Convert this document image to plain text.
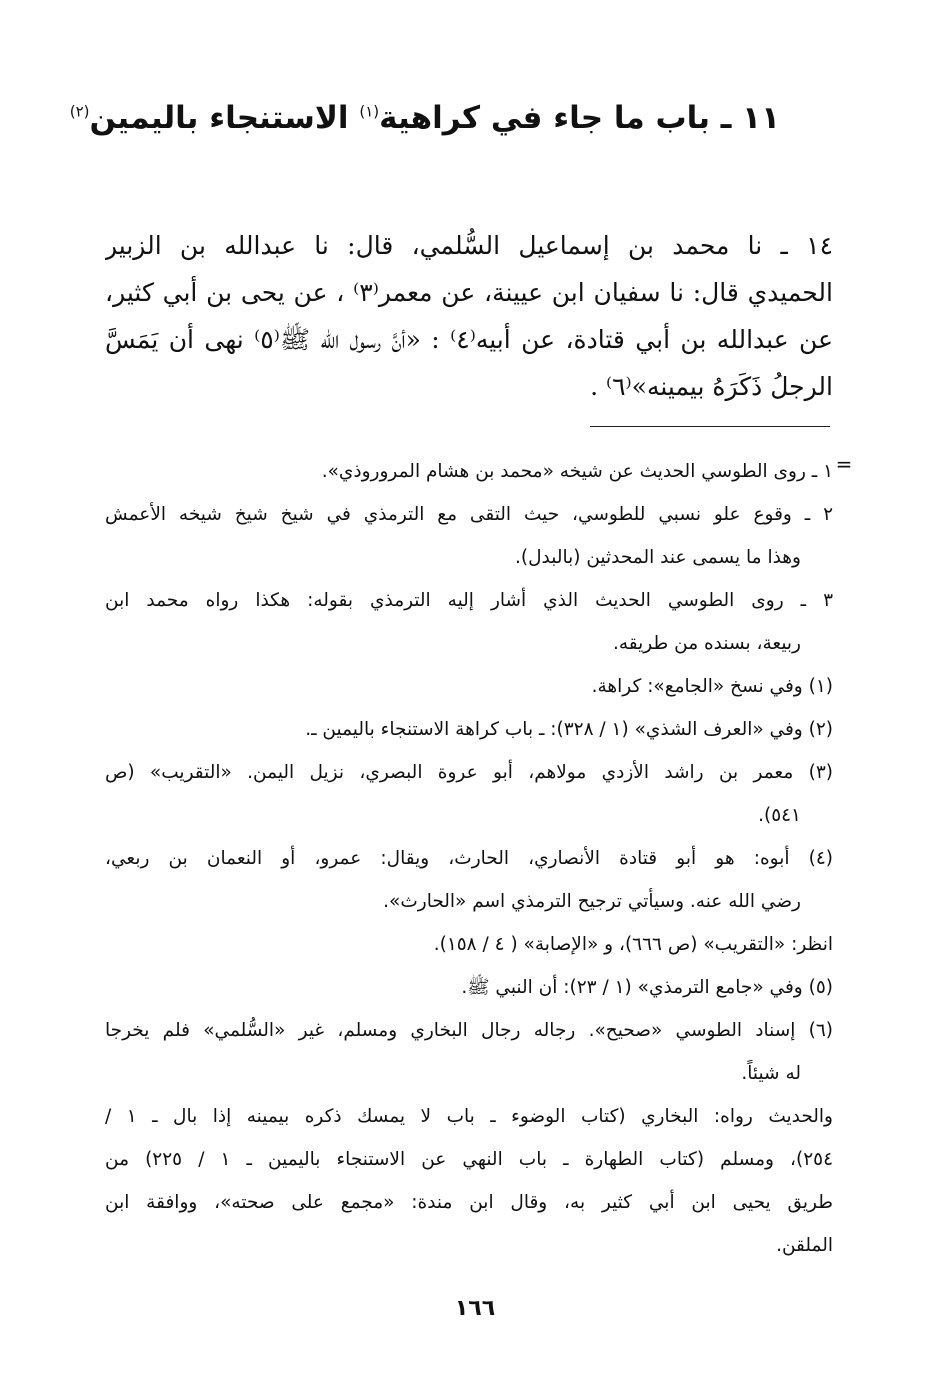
١١ ـ باب ما جاء في كراهية$^{(١)}$ الاستنجاء باليمين$^{(٢)}$
١٤ ـ نا محمد بن إسماعيل السُّلمي، قال: نا عبدالله بن الزبير
الحميدي قال: نا سفيان ابن عيينة، عن معمر⁽٣⁾ ، عن يحى بن أبي كثير،
عن عبدالله بن أبي قتادة، عن أبيه⁽٤⁾ : «أنَّ رسول الله ﷺ⁽٥⁾ نهى أن يَمَسَّ
الرجلُ ذَكَرَهُ بيمينه»⁽٦⁾ .
=
١ ـ روى الطوسي الحديث عن شيخه «محمد بن هشام المروروذي».
٢ ـ وقوع علو نسبي للطوسي، حيث التقى مع الترمذي في شيخ شيخ شيخه الأعمش
وهذا ما يسمى عند المحدثين (بالبدل).
٣ ـ روى الطوسي الحديث الذي أشار إليه الترمذي بقوله: هكذا رواه محمد ابن
ربيعة، بسنده من طريقه.
(١) وفي نسخ «الجامع»: كراهة.
(٢) وفي «العرف الشذي» (١ / ٣٢٨): ـ باب كراهة الاستنجاء باليمين ـ.
(٣) معمر بن راشد الأزدي مولاهم، أبو عروة البصري، نزيل اليمن. «التقريب» (ص
٥٤١).
(٤) أبوه: هو أبو قتادة الأنصاري، الحارث، ويقال: عمرو، أو النعمان بن ربعي،
رضي الله عنه. وسيأتي ترجيح الترمذي اسم «الحارث».
انظر: «التقريب» (ص ٦٦٦)، و «الإصابة» ( ٤ / ١٥٨).
(٥) وفي «جامع الترمذي» (١ / ٢٣): أن النبي ﷺ.
(٦) إسناد الطوسي «صحيح». رجاله رجال البخاري ومسلم، غير «السُّلمي» فلم يخرجا
له شيئاً.
والحديث رواه: البخاري (كتاب الوضوء ـ باب لا يمسك ذكره بيمينه إذا بال ـ ١ /
٢٥٤)، ومسلم (كتاب الطهارة ـ باب النهي عن الاستنجاء باليمين ـ ١ / ٢٢٥) من
طريق يحيى ابن أبي كثير به، وقال ابن مندة: «مجمع على صحته»، ووافقة ابن
الملقن.
١٦٦
